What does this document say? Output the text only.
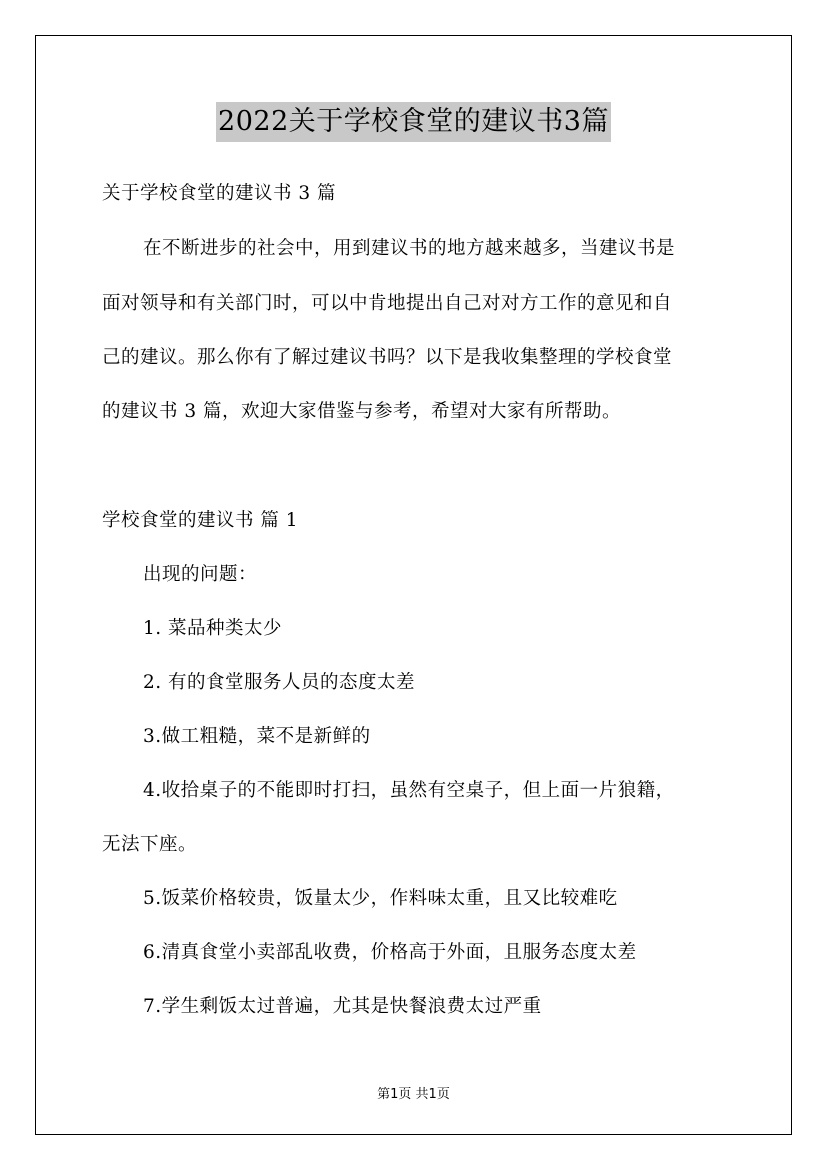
2022关于学校食堂的建议书3篇
关于学校食堂的建议书 3 篇
在不断进步的社会中，用到建议书的地方越来越多，当建议书是
面对领导和有关部门时，可以中肯地提出自己对对方工作的意见和自
己的建议。那么你有了解过建议书吗？以下是我收集整理的学校食堂
的建议书 3 篇，欢迎大家借鉴与参考，希望对大家有所帮助。
学校食堂的建议书 篇 1
出现的问题：
1. 菜品种类太少
2. 有的食堂服务人员的态度太差
3.做工粗糙，菜不是新鲜的
4.收拾桌子的不能即时打扫，虽然有空桌子，但上面一片狼籍，
无法下座。
5.饭菜价格较贵，饭量太少，作料味太重，且又比较难吃
6.清真食堂小卖部乱收费，价格高于外面，且服务态度太差
7.学生剩饭太过普遍，尤其是快餐浪费太过严重
第1页 共1页
